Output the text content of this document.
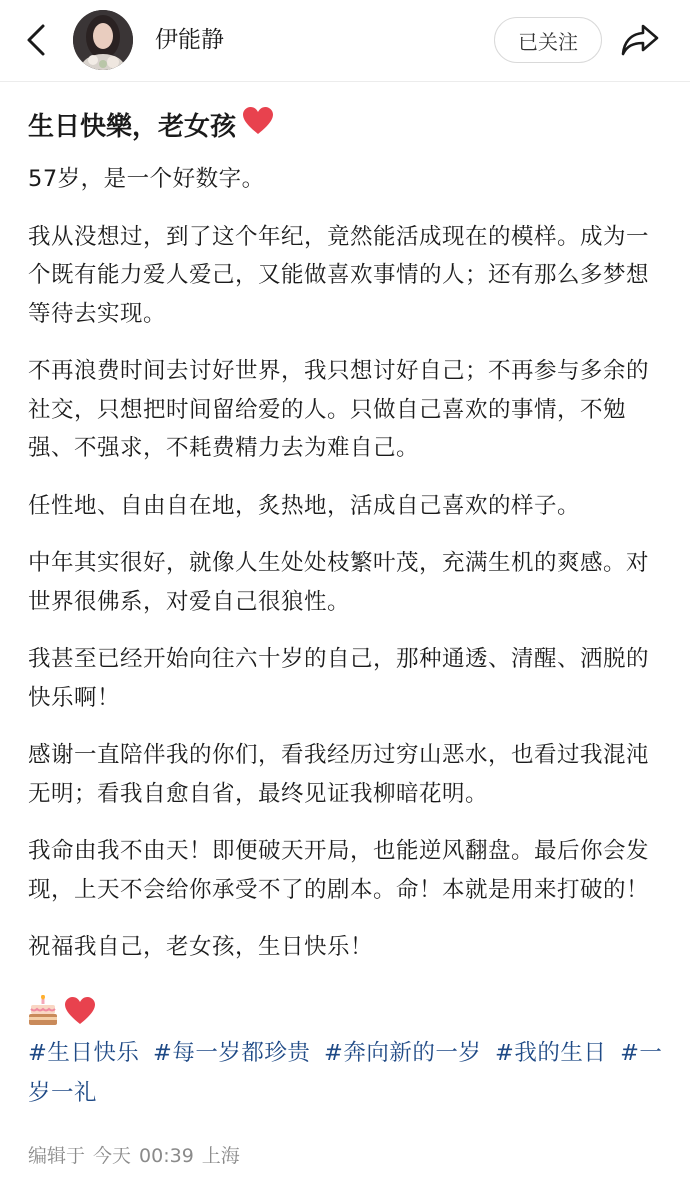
伊能静	已关注
生日快樂，老女孩
57岁，是一个好数字。
我从没想过，到了这个年纪，竟然能活成现在的模样。成为一个既有能力爱人爱己，又能做喜欢事情的人；还有那么多梦想等待去实现。
不再浪费时间去讨好世界，我只想讨好自己；不再参与多余的社交，只想把时间留给爱的人。只做自己喜欢的事情，不勉强、不强求，不耗费精力去为难自己。
任性地、自由自在地，炙热地，活成自己喜欢的样子。
中年其实很好，就像人生处处枝繁叶茂，充满生机的爽感。对世界很佛系，对爱自己很狼性。
我甚至已经开始向往六十岁的自己，那种通透、清醒、洒脱的快乐啊！
感谢一直陪伴我的你们，看我经历过穷山恶水，也看过我混沌无明；看我自愈自省，最终见证我柳暗花明。
我命由我不由天！即便破天开局，也能逆风翻盘。最后你会发现，上天不会给你承受不了的剧本。命！本就是用来打破的！
祝福我自己，老女孩，生日快乐！
#生日快乐 #每一岁都珍贵 #奔向新的一岁 #我的生日 #一岁一礼
编辑于 今天 00:39 上海
